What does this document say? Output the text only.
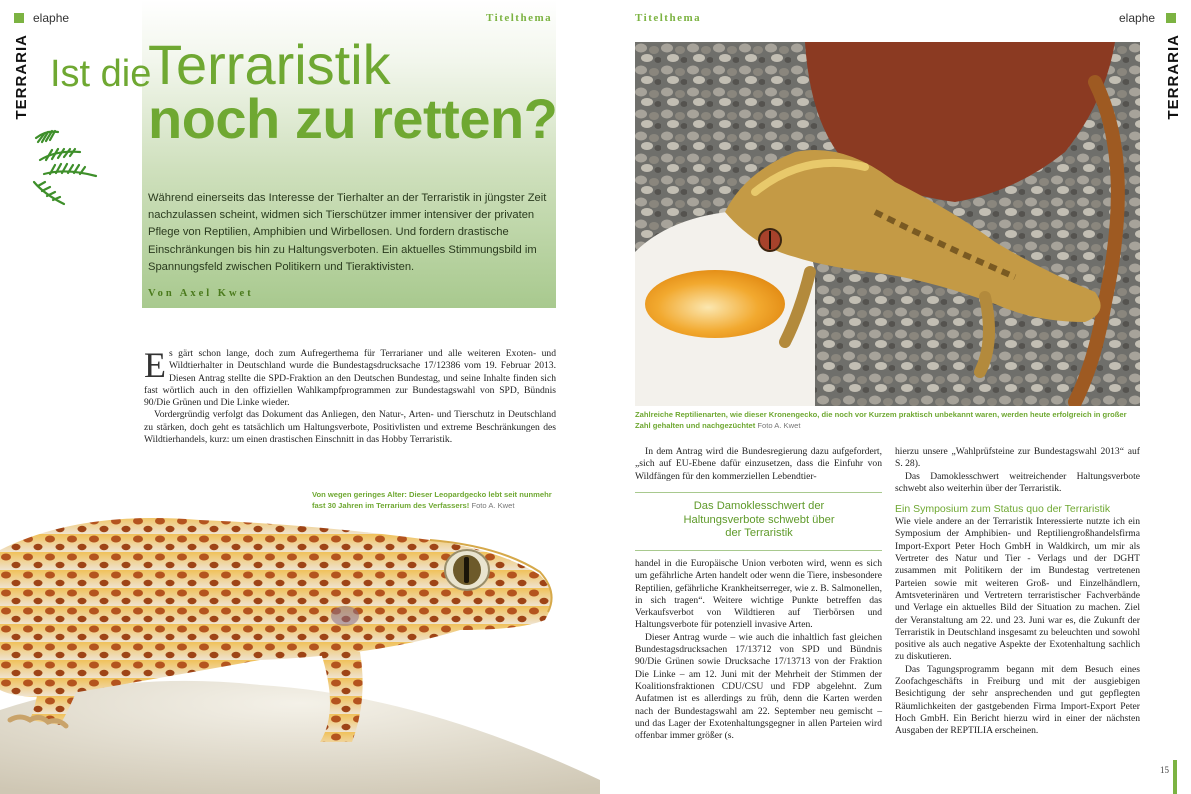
elaphe
TERRARIA
Titelthema
Ist die
Terraristik
noch zu retten?
Während einerseits das Interesse der Tierhalter an der Terraristik in jüngster Zeit nachzulassen scheint, widmen sich Tierschützer immer intensiver der privaten Pflege von Reptilien, Amphibien und Wirbellosen. Und fordern drastische Einschränkungen bis hin zu Haltungsverboten. Ein aktuelles Stimmungsbild im Spannungsfeld zwischen Politikern und Tieraktivisten.
Von Axel Kwet
E s gärt schon lange, doch zum Aufregerthema für Terrarianer und alle weiteren Exoten- und Wildtierhalter in Deutschland wurde die Bundestagsdrucksache 17/12386 vom 19. Februar 2013. Diesen Antrag stellte die SPD-Fraktion an den Deutschen Bundestag, und seine Inhalte finden sich fast wörtlich auch in den offiziellen Wahlkampfprogrammen zur Bundestagswahl von SPD, Bündnis 90/Die Grünen und Die Linke wieder.

Vordergründig verfolgt das Dokument das Anliegen, den Natur-, Arten- und Tierschutz in Deutschland zu stärken, doch geht es tatsächlich um Haltungsverbote, Positivlisten und extreme Beschränkungen des Wildtierhandels, kurz: um einen drastischen Einschnitt in das Hobby Terraristik.

Von wegen geringes Alter: Dieser Leopardgecko lebt seit nunmehr fast 30 Jahren im Terrarium des Verfassers! Foto A. Kwet
Titelthema	elaphe
TERRARIA
Zahlreiche Reptilienarten, wie dieser Kronengecko, die noch vor Kurzem praktisch unbekannt waren, werden heute erfolgreich in großer Zahl gehalten und nachgezüchtet Foto A. Kwet

In dem Antrag wird die Bundesregierung dazu aufgefordert, „sich auf EU-Ebene dafür einzusetzen, dass die Einfuhr von Wildfängen für den kommerziellen Lebendtier-

Das Damoklesschwert der Haltungsverbote schwebt über der Terraristik

handel in die Europäische Union verboten wird, wenn es sich um gefährliche Arten handelt oder wenn die Tiere, insbesondere Reptilien, gefährliche Krankheitserreger, wie z. B. Salmonellen, in sich tragen“. Weitere wichtige Punkte betreffen das Verkaufsverbot von Wildtieren auf Tierbörsen und Haltungsverbote für potenziell invasive Arten.

Dieser Antrag wurde – wie auch die inhaltlich fast gleichen Bundestagsdrucksachen 17/13712 von SPD und Bündnis 90/Die Grünen sowie Drucksache 17/13713 von der Fraktion Die Linke – am 12. Juni mit der Mehrheit der Stimmen der Koalitionsfraktionen CDU/CSU und FDP abgelehnt. Zum Aufatmen ist es allerdings zu früh, denn die Karten werden nach der Bundestagswahl am 22. September neu gemischt – und das Lager der Exotenhaltungsgegner in allen Parteien wird offenbar immer größer (s.

hierzu unsere „Wahlprüfsteine zur Bundestagswahl 2013“ auf S. 28).

Das Damoklesschwert weitreichender Haltungsverbote schwebt also weiterhin über der Terraristik.

Ein Symposium zum Status quo der Terraristik

Wie viele andere an der Terraristik Interessierte nutzte ich ein Symposium der Amphibien- und Reptiliengroßhandelsfirma Import-Export Peter Hoch GmbH in Waldkirch, um mir als Vertreter des Natur und Tier - Verlags und der DGHT zusammen mit Politikern der im Bundestag vertretenen Parteien sowie mit weiteren Groß- und Einzelhändlern, Amtsveterinären und Vertretern terraristischer Fachverbände und Verlage ein aktuelles Bild der Situation zu machen. Ziel der Veranstaltung am 22. und 23. Juni war es, die Zukunft der Terraristik in Deutschland insgesamt zu beleuchten und sowohl positive als auch negative Aspekte der Exotenhaltung sachlich zu diskutieren.

Das Tagungsprogramm begann mit dem Besuch eines Zoofachgeschäfts in Freiburg und mit der ausgiebigen Besichtigung der sehr ansprechenden und gut gepflegten Räumlichkeiten der gastgebenden Firma Import-Export Peter Hoch GmbH. Ein Bericht hierzu wird in einer der nächsten Ausgaben der REPTILIA erscheinen.

15
